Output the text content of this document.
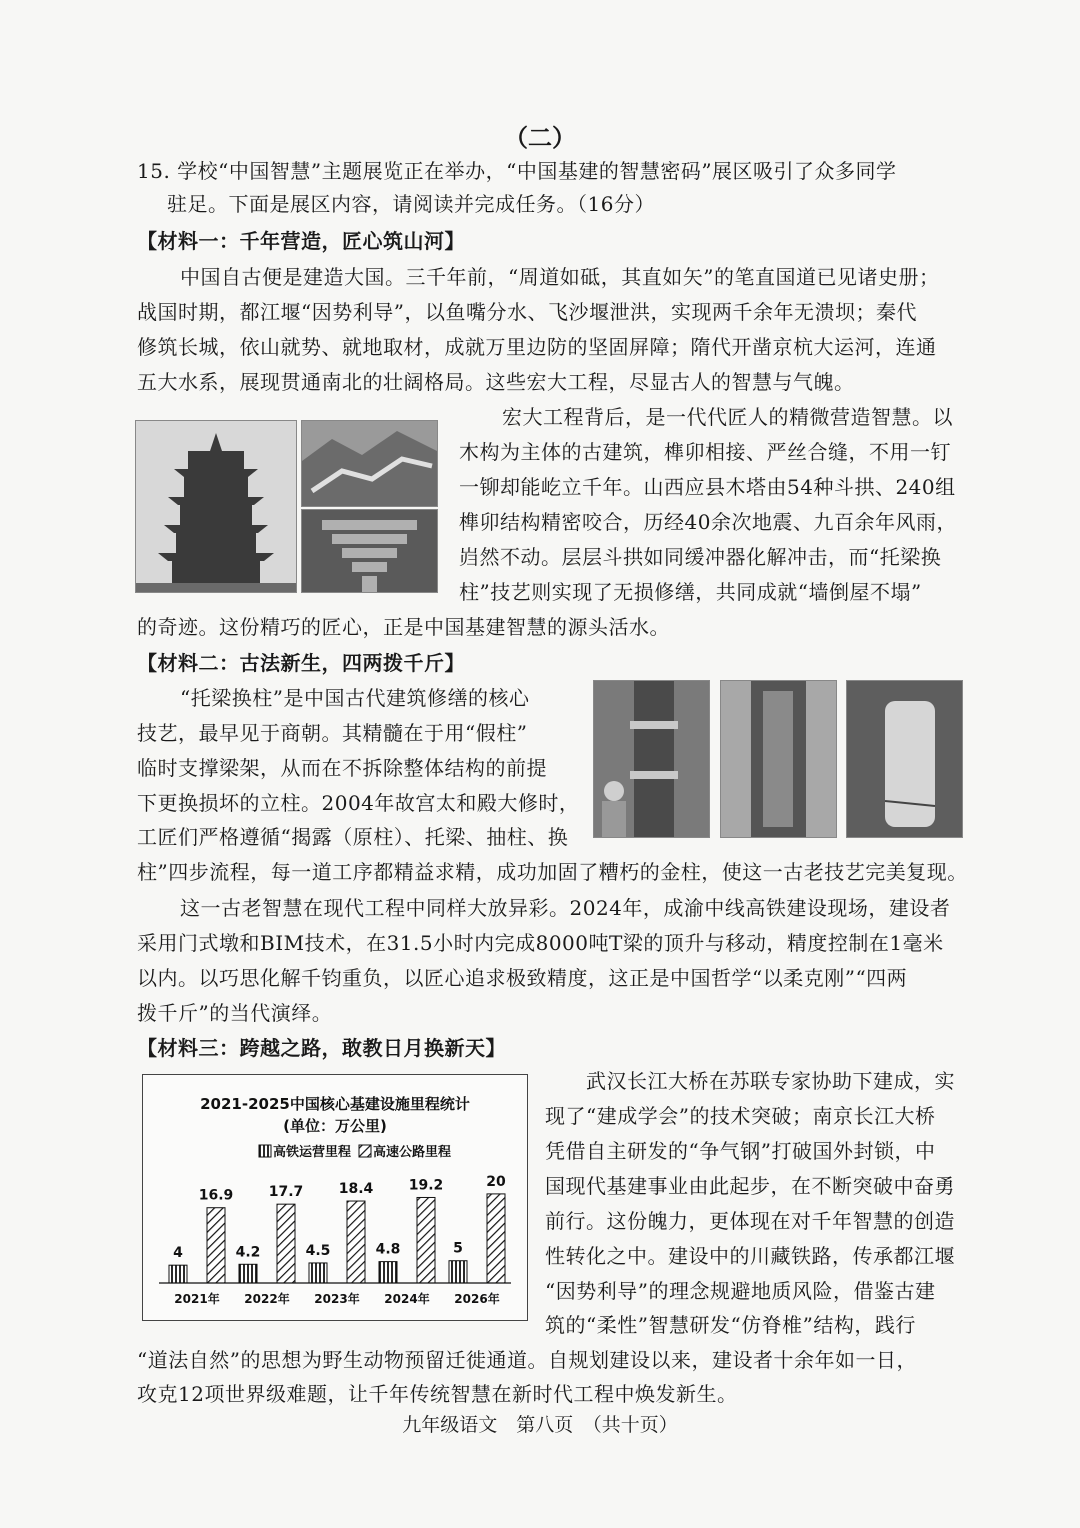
（二）
15. 学校“中国智慧”主题展览正在举办，“中国基建的智慧密码”展区吸引了众多同学
驻足。下面是展区内容，请阅读并完成任务。（16分）
【材料一：千年营造，匠心筑山河】
中国自古便是建造大国。三千年前，“周道如砥，其直如矢”的笔直国道已见诸史册；
战国时期，都江堰“因势利导”，以鱼嘴分水、飞沙堰泄洪，实现两千余年无溃坝；秦代
修筑长城，依山就势、就地取材，成就万里边防的坚固屏障；隋代开凿京杭大运河，连通
五大水系，展现贯通南北的壮阔格局。这些宏大工程，尽显古人的智慧与气魄。
宏大工程背后，是一代代匠人的精微营造智慧。以
木构为主体的古建筑，榫卯相接、严丝合缝，不用一钉
一铆却能屹立千年。山西应县木塔由54种斗拱、240组
榫卯结构精密咬合，历经40余次地震、九百余年风雨，
岿然不动。层层斗拱如同缓冲器化解冲击，而“托梁换
柱”技艺则实现了无损修缮，共同成就“墙倒屋不塌”
的奇迹。这份精巧的匠心，正是中国基建智慧的源头活水。
【材料二：古法新生，四两拨千斤】
“托梁换柱”是中国古代建筑修缮的核心
技艺，最早见于商朝。其精髓在于用“假柱”
临时支撑梁架，从而在不拆除整体结构的前提
下更换损坏的立柱。2004年故宫太和殿大修时，
工匠们严格遵循“揭露（原柱）、托梁、抽柱、换
柱”四步流程，每一道工序都精益求精，成功加固了糟朽的金柱，使这一古老技艺完美复现。
这一古老智慧在现代工程中同样大放异彩。2024年，成渝中线高铁建设现场，建设者
采用门式墩和BIM技术，在31.5小时内完成8000吨T梁的顶升与移动，精度控制在1毫米
以内。以巧思化解千钧重负，以匠心追求极致精度，这正是中国哲学“以柔克刚”“四两
拨千斤”的当代演绎。
【材料三：跨越之路，敢教日月换新天】
2021-2025中国核心基建设施里程统计
(单位：万公里)
高铁运营里程 高速公路里程
4
16.9
2021年
4.2
17.7
2022年
4.5
18.4
2023年
4.8
19.2
2024年
5
20
2026年
武汉长江大桥在苏联专家协助下建成，实
现了“建成学会”的技术突破；南京长江大桥
凭借自主研发的“争气钢”打破国外封锁，中
国现代基建事业由此起步，在不断突破中奋勇
前行。这份魄力，更体现在对千年智慧的创造
性转化之中。建设中的川藏铁路，传承都江堰
“因势利导”的理念规避地质风险，借鉴古建
筑的“柔性”智慧研发“仿脊椎”结构，践行
“道法自然”的思想为野生动物预留迁徙通道。自规划建设以来，建设者十余年如一日，
攻克12项世界级难题，让千年传统智慧在新时代工程中焕发新生。
九年级语文　第八页　（共十页）
